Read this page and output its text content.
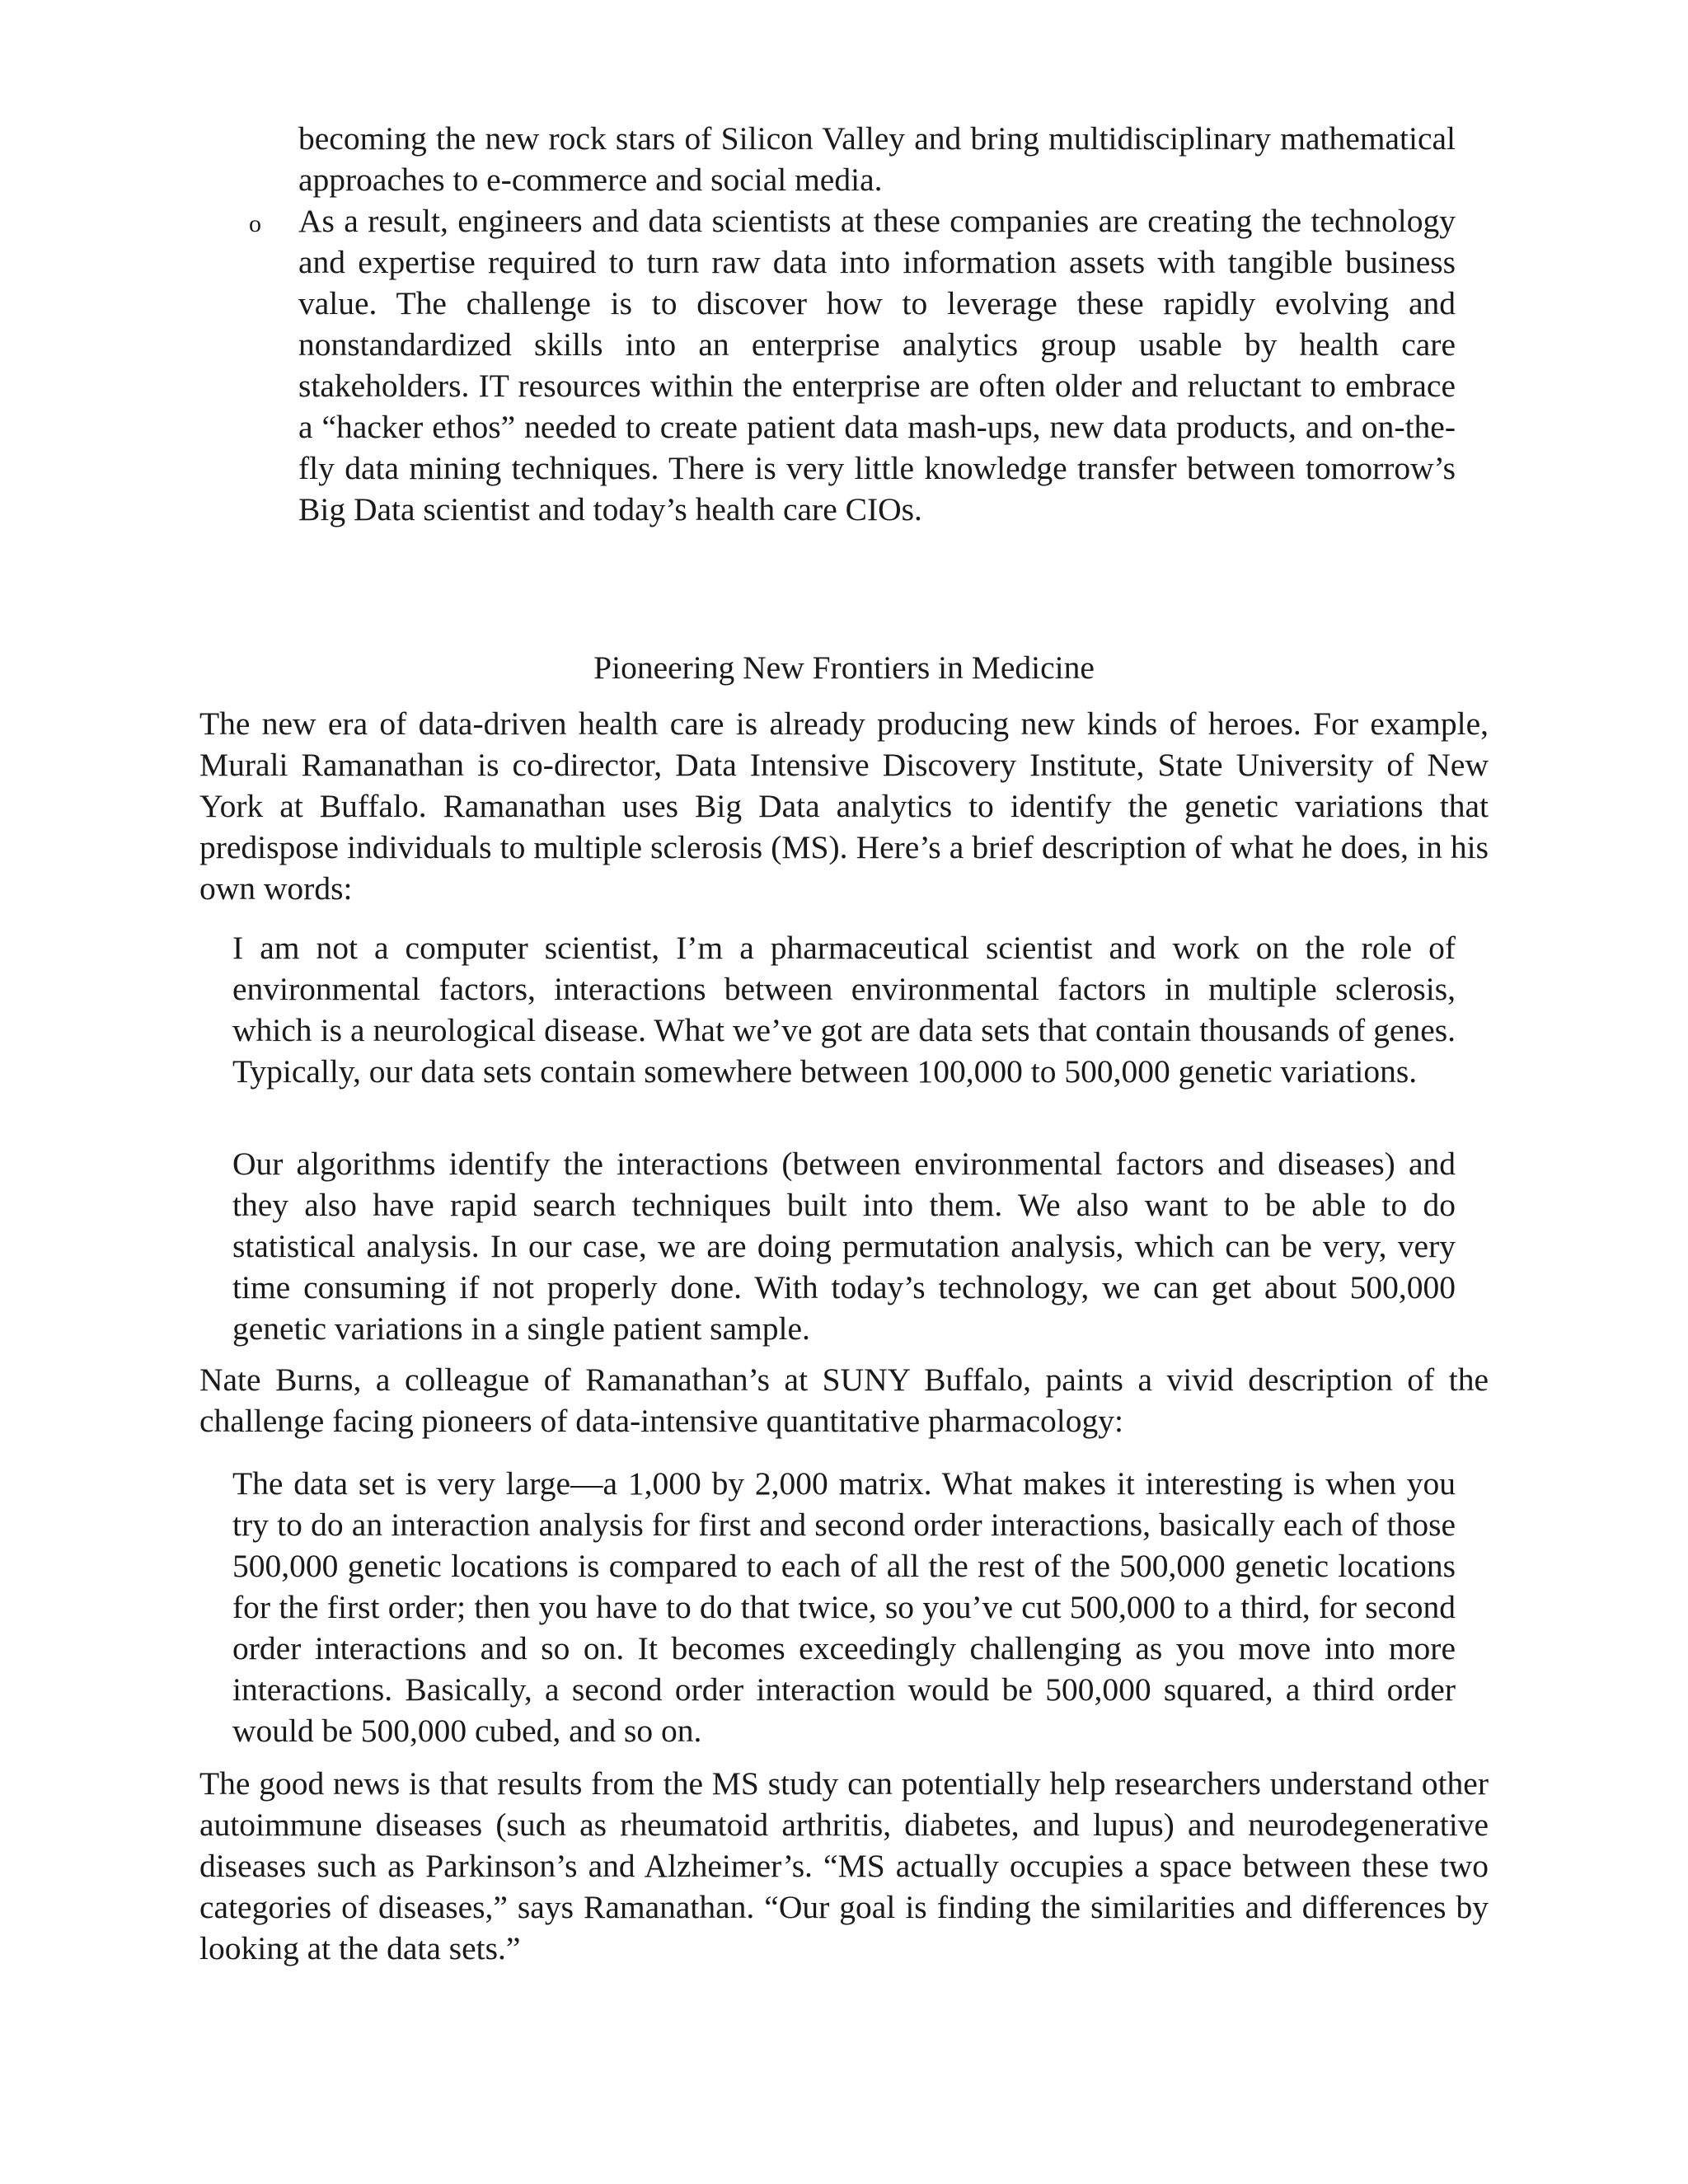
becoming the new rock stars of Silicon Valley and bring multidisciplinary mathematical approaches to e-commerce and social media.

o As a result, engineers and data scientists at these companies are creating the technology and expertise required to turn raw data into information assets with tangible business value. The challenge is to discover how to leverage these rapidly evolving and nonstandardized skills into an enterprise analytics group usable by health care stakeholders. IT resources within the enterprise are often older and reluctant to embrace a “hacker ethos” needed to create patient data mash-ups, new data products, and on-the-fly data mining techniques. There is very little knowledge transfer between tomorrow’s Big Data scientist and today’s health care CIOs.

Pioneering New Frontiers in Medicine

The new era of data-driven health care is already producing new kinds of heroes. For example, Murali Ramanathan is co-director, Data Intensive Discovery Institute, State University of New York at Buffalo. Ramanathan uses Big Data analytics to identify the genetic variations that predispose individuals to multiple sclerosis (MS). Here’s a brief description of what he does, in his own words:

I am not a computer scientist, I’m a pharmaceutical scientist and work on the role of environmental factors, interactions between environmental factors in multiple sclerosis, which is a neurological disease. What we’ve got are data sets that contain thousands of genes. Typically, our data sets contain somewhere between 100,000 to 500,000 genetic variations.

Our algorithms identify the interactions (between environmental factors and diseases) and they also have rapid search techniques built into them. We also want to be able to do statistical analysis. In our case, we are doing permutation analysis, which can be very, very time consuming if not properly done. With today’s technology, we can get about 500,000 genetic variations in a single patient sample.

Nate Burns, a colleague of Ramanathan’s at SUNY Buffalo, paints a vivid description of the challenge facing pioneers of data-intensive quantitative pharmacology:

The data set is very large—a 1,000 by 2,000 matrix. What makes it interesting is when you try to do an interaction analysis for first and second order interactions, basically each of those 500,000 genetic locations is compared to each of all the rest of the 500,000 genetic locations for the first order; then you have to do that twice, so you’ve cut 500,000 to a third, for second order interactions and so on. It becomes exceedingly challenging as you move into more interactions. Basically, a second order interaction would be 500,000 squared, a third order would be 500,000 cubed, and so on.

The good news is that results from the MS study can potentially help researchers understand other autoimmune diseases (such as rheumatoid arthritis, diabetes, and lupus) and neurodegenerative diseases such as Parkinson’s and Alzheimer’s. “MS actually occupies a space between these two categories of diseases,” says Ramanathan. “Our goal is finding the similarities and differences by looking at the data sets.”
